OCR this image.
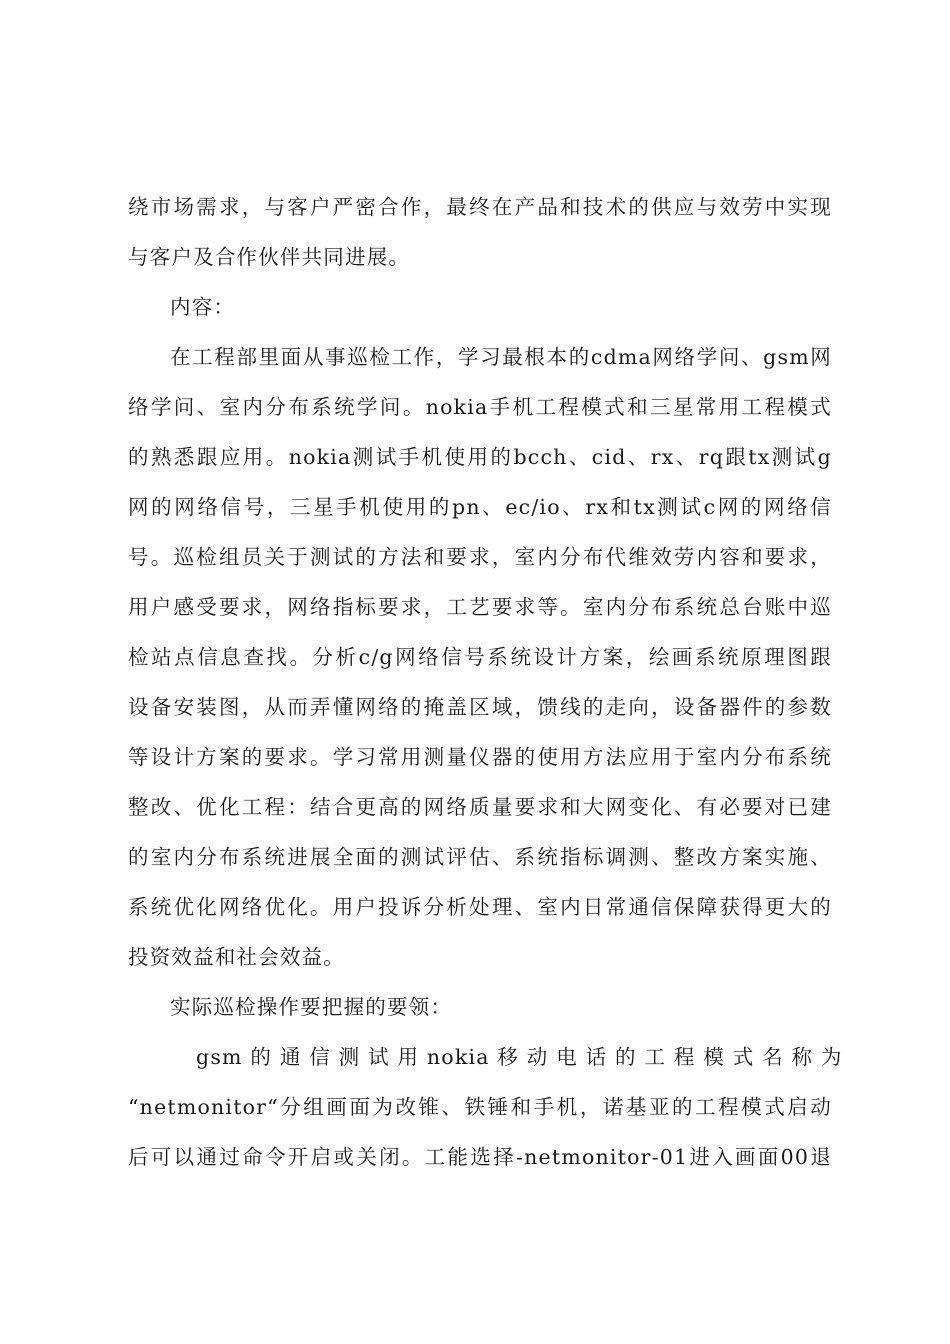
绕市场需求，与客户严密合作，最终在产品和技术的供应与效劳中实现
与客户及合作伙伴共同进展。
内容：
在工程部里面从事巡检工作，学习最根本的cdma网络学问、gsm网
络学问、室内分布系统学问。nokia手机工程模式和三星常用工程模式
的熟悉跟应用。nokia测试手机使用的bcch、cid、rx、rq跟tx测试g
网的网络信号，三星手机使用的pn、ec/io、rx和tx测试c网的网络信
号。巡检组员关于测试的方法和要求，室内分布代维效劳内容和要求，
用户感受要求，网络指标要求，工艺要求等。室内分布系统总台账中巡
检站点信息查找。分析c/g网络信号系统设计方案，绘画系统原理图跟
设备安装图，从而弄懂网络的掩盖区域，馈线的走向，设备器件的参数
等设计方案的要求。学习常用测量仪器的使用方法应用于室内分布系统
整改、优化工程：结合更高的网络质量要求和大网变化、有必要对已建
的室内分布系统进展全面的测试评估、系统指标调测、整改方案实施、
系统优化网络优化。用户投诉分析处理、室内日常通信保障获得更大的
投资效益和社会效益。
实际巡检操作要把握的要领：
gsm 的 通 信 测 试 用 nokia 移 动 电 话 的 工 程 模 式 名 称 为
“netmonitor“分组画面为改锥、铁锤和手机，诺基亚的工程模式启动
后可以通过命令开启或关闭。工能选择-netmonitor-01进入画面00退
